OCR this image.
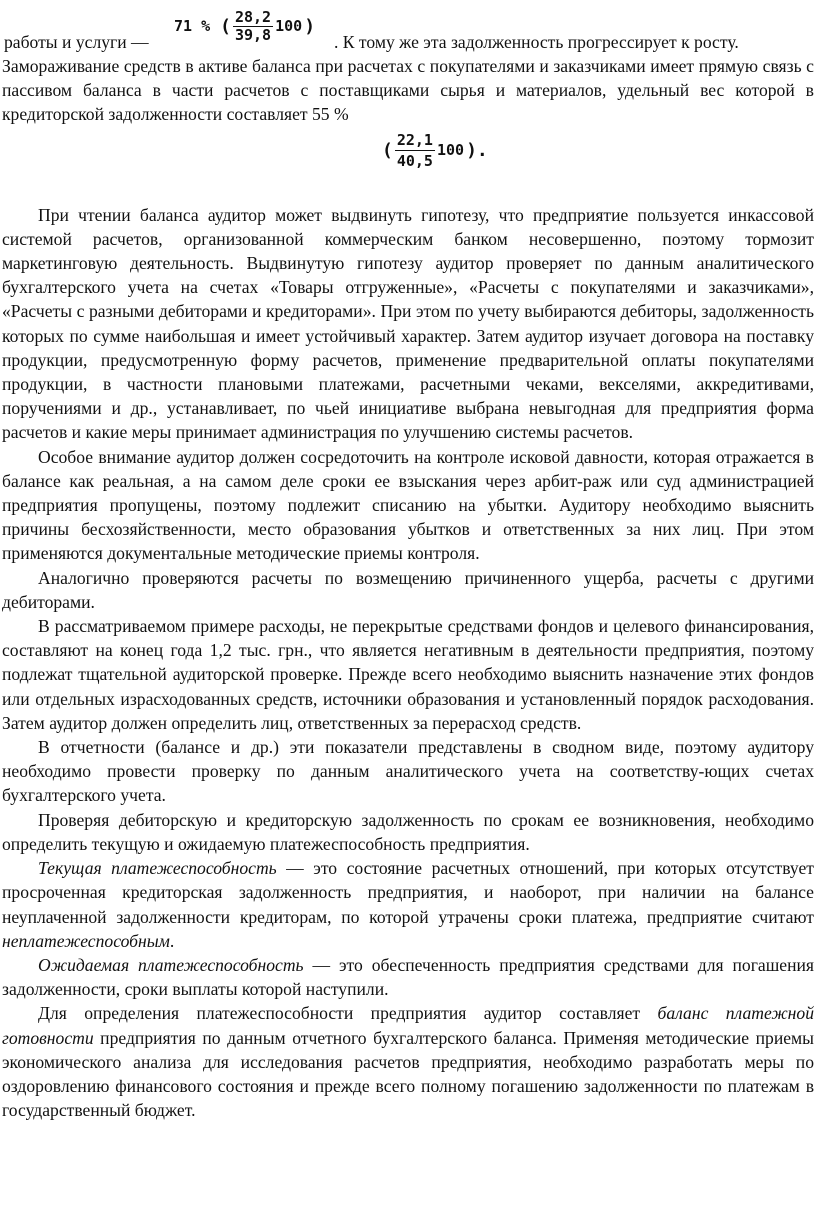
работы и услуги —
71 % ( $\frac{28,2}{39,8} 100$ )
. К тому же эта задолженность прогрессирует к росту.

Замораживание средств в активе баланса при расчетах с покупателями и заказчиками имеет прямую связь с пассивом баланса в части расчетов с поставщиками сырья и материалов, удельный вес которой в кредиторской задолженности составляет 55 %

( $\frac{22,1}{40,5} 100$ ).

При чтении баланса аудитор может выдвинуть гипотезу, что предприятие пользуется инкассовой системой расчетов, организованной коммерческим банком несовершенно, поэтому тормозит маркетинговую деятельность. Выдвинутую гипотезу аудитор проверяет по данным аналитического бухгалтерского учета на счетах «Товары отгруженные», «Расчеты с покупателями и заказчиками», «Расчеты с разными дебиторами и кредиторами». При этом по учету выбираются дебиторы, задолженность которых по сумме наибольшая и имеет устойчивый характер. Затем аудитор изучает договора на поставку продукции, предусмотренную форму расчетов, применение предварительной оплаты покупателями продукции, в частности плановыми платежами, расчетными чеками, векселями, аккредитивами, поручениями и др., устанавливает, по чьей инициативе выбрана невыгодная для предприятия форма расчетов и какие меры принимает администрация по улучшению системы расчетов.

Особое внимание аудитор должен сосредоточить на контроле исковой давности, которая отражается в балансе как реальная, а на самом деле сроки ее взыскания через арбит-раж или суд администрацией предприятия пропущены, поэтому подлежит списанию на убытки. Аудитору необходимо выяснить причины бесхозяйственности, место образования убытков и ответственных за них лиц. При этом применяются документальные методические приемы контроля.

Аналогично проверяются расчеты по возмещению причиненного ущерба, расчеты с другими дебиторами.

В рассматриваемом примере расходы, не перекрытые средствами фондов и целевого финансирования, составляют на конец года 1,2 тыс. грн., что является негативным в деятельности предприятия, поэтому подлежат тщательной аудиторской проверке. Прежде всего необходимо выяснить назначение этих фондов или отдельных израсходованных средств, источники образования и установленный порядок расходования. Затем аудитор должен определить лиц, ответственных за перерасход средств.

В отчетности (балансе и др.) эти показатели представлены в сводном виде, поэтому аудитору необходимо провести проверку по данным аналитического учета на соответству-ющих счетах бухгалтерского учета.

Проверяя дебиторскую и кредиторскую задолженность по срокам ее возникновения, необходимо определить текущую и ожидаемую платежеспособность предприятия.

Текущая платежеспособность — это состояние расчетных отношений, при которых отсутствует просроченная кредиторская задолженность предприятия, и наоборот, при наличии на балансе неуплаченной задолженности кредиторам, по которой утрачены сроки платежа, предприятие считают неплатежеспособным.

Ожидаемая платежеспособность — это обеспеченность предприятия средствами для погашения задолженности, сроки выплаты которой наступили.

Для определения платежеспособности предприятия аудитор составляет баланс платежной готовности предприятия по данным отчетного бухгалтерского баланса. Применяя методические приемы экономического анализа для исследования расчетов предприятия, необходимо разработать меры по оздоровлению финансового состояния и прежде всего полному погашению задолженности по платежам в государственный бюджет.
